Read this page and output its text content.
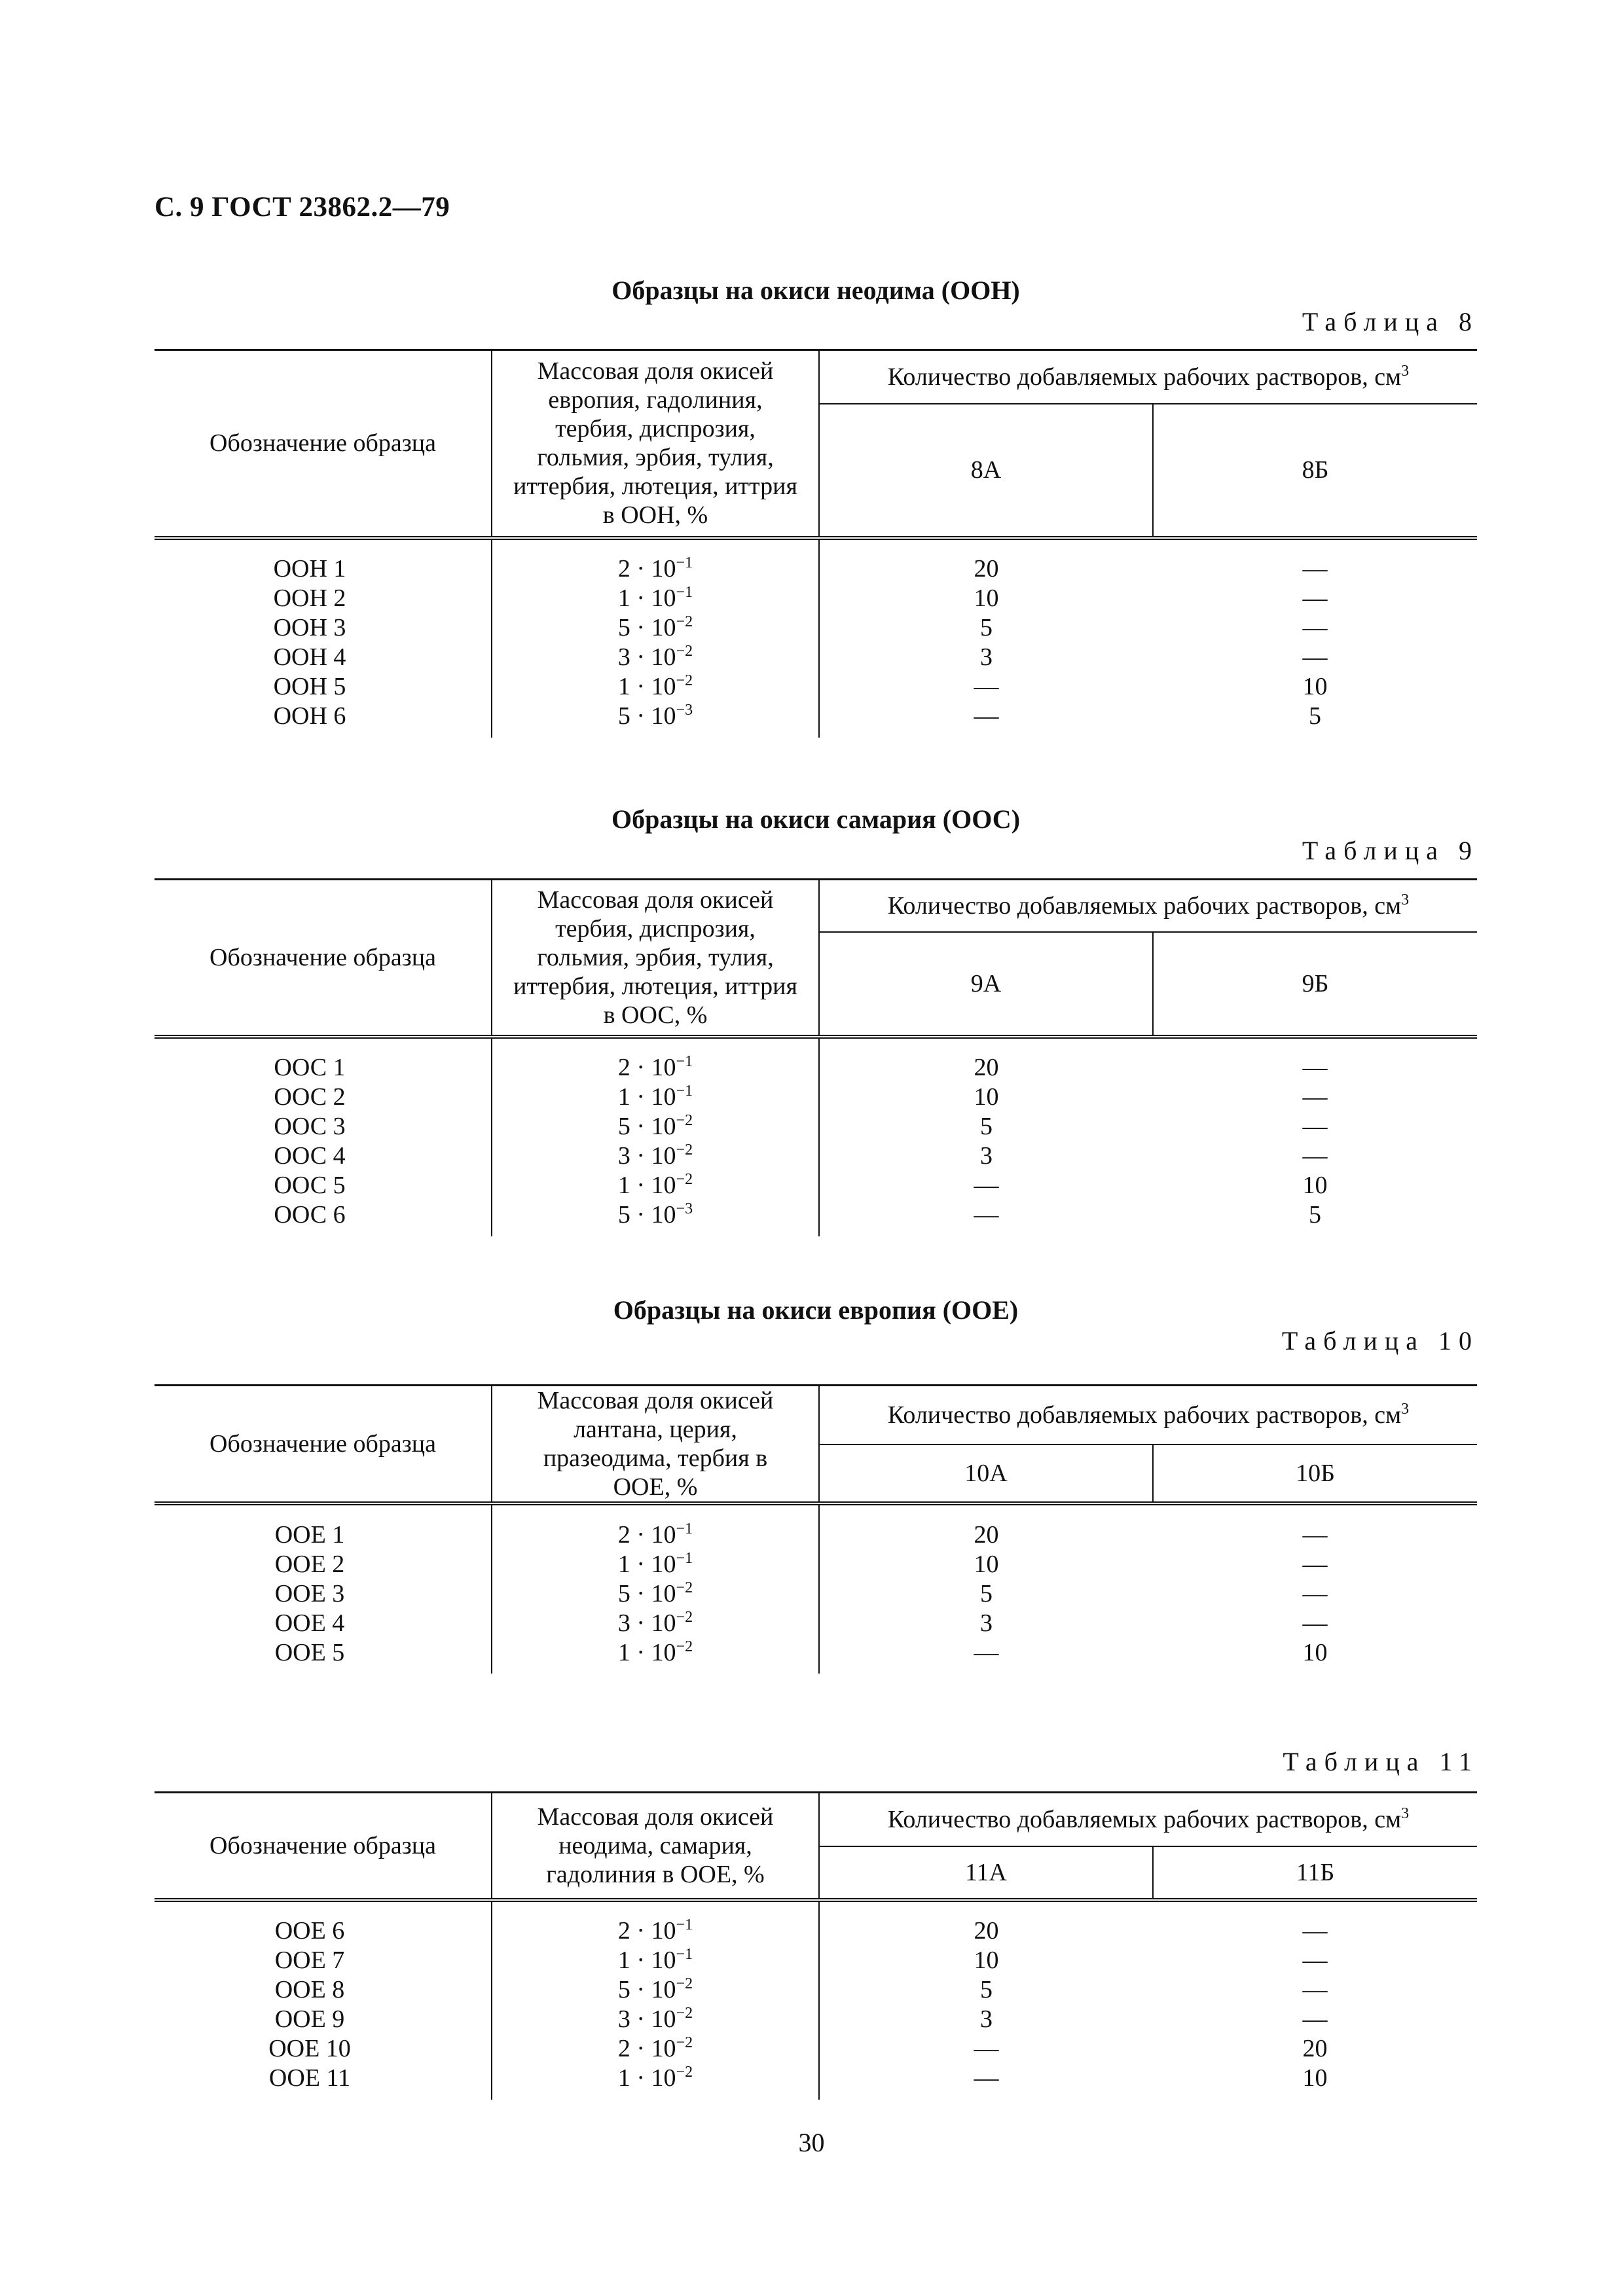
С. 9 ГОСТ 23862.2—79
Образцы на окиси неодима (ООН)
Таблица 8
Обозначение образца	Массовая доля окисей европия, гадолиния, тербия, диспрозия, гольмия, эрбия, тулия, иттербия, лютеция, иттрия в ООН, %	Количество добавляемых рабочих растворов, $см^3$
		8А	8Б
ООН 1	$2 \cdot 10^{-1}$	20	—
ООН 2	$1 \cdot 10^{-1}$	10	—
ООН 3	$5 \cdot 10^{-2}$	5	—
ООН 4	$3 \cdot 10^{-2}$	3	—
ООН 5	$1 \cdot 10^{-2}$	—	10
ООН 6	$5 \cdot 10^{-3}$	—	5
Образцы на окиси самария (ООС)
Таблица 9
Обозначение образца	Массовая доля окисей тербия, диспрозия, гольмия, эрбия, тулия, иттербия, лютеция, иттрия в ООС, %	Количество добавляемых рабочих растворов, $см^3$
		9А	9Б
ООС 1	$2 \cdot 10^{-1}$	20	—
ООС 2	$1 \cdot 10^{-1}$	10	—
ООС 3	$5 \cdot 10^{-2}$	5	—
ООС 4	$3 \cdot 10^{-2}$	3	—
ООС 5	$1 \cdot 10^{-2}$	—	10
ООС 6	$5 \cdot 10^{-3}$	—	5
Образцы на окиси европия (ООЕ)
Таблица 10
Обозначение образца	Массовая доля окисей лантана, церия, празеодима, тербия в ООЕ, %	Количество добавляемых рабочих растворов, $см^3$
		10А	10Б
ООЕ 1	$2 \cdot 10^{-1}$	20	—
ООЕ 2	$1 \cdot 10^{-1}$	10	—
ООЕ 3	$5 \cdot 10^{-2}$	5	—
ООЕ 4	$3 \cdot 10^{-2}$	3	—
ООЕ 5	$1 \cdot 10^{-2}$	—	10
Таблица 11
Обозначение образца	Массовая доля окисей неодима, самария, гадолиния в ООЕ, %	Количество добавляемых рабочих растворов, $см^3$
		11А	11Б
ООЕ 6	$2 \cdot 10^{-1}$	20	—
ООЕ 7	$1 \cdot 10^{-1}$	10	—
ООЕ 8	$5 \cdot 10^{-2}$	5	—
ООЕ 9	$3 \cdot 10^{-2}$	3	—
ООЕ 10	$2 \cdot 10^{-2}$	—	20
ООЕ 11	$1 \cdot 10^{-2}$	—	10
30
